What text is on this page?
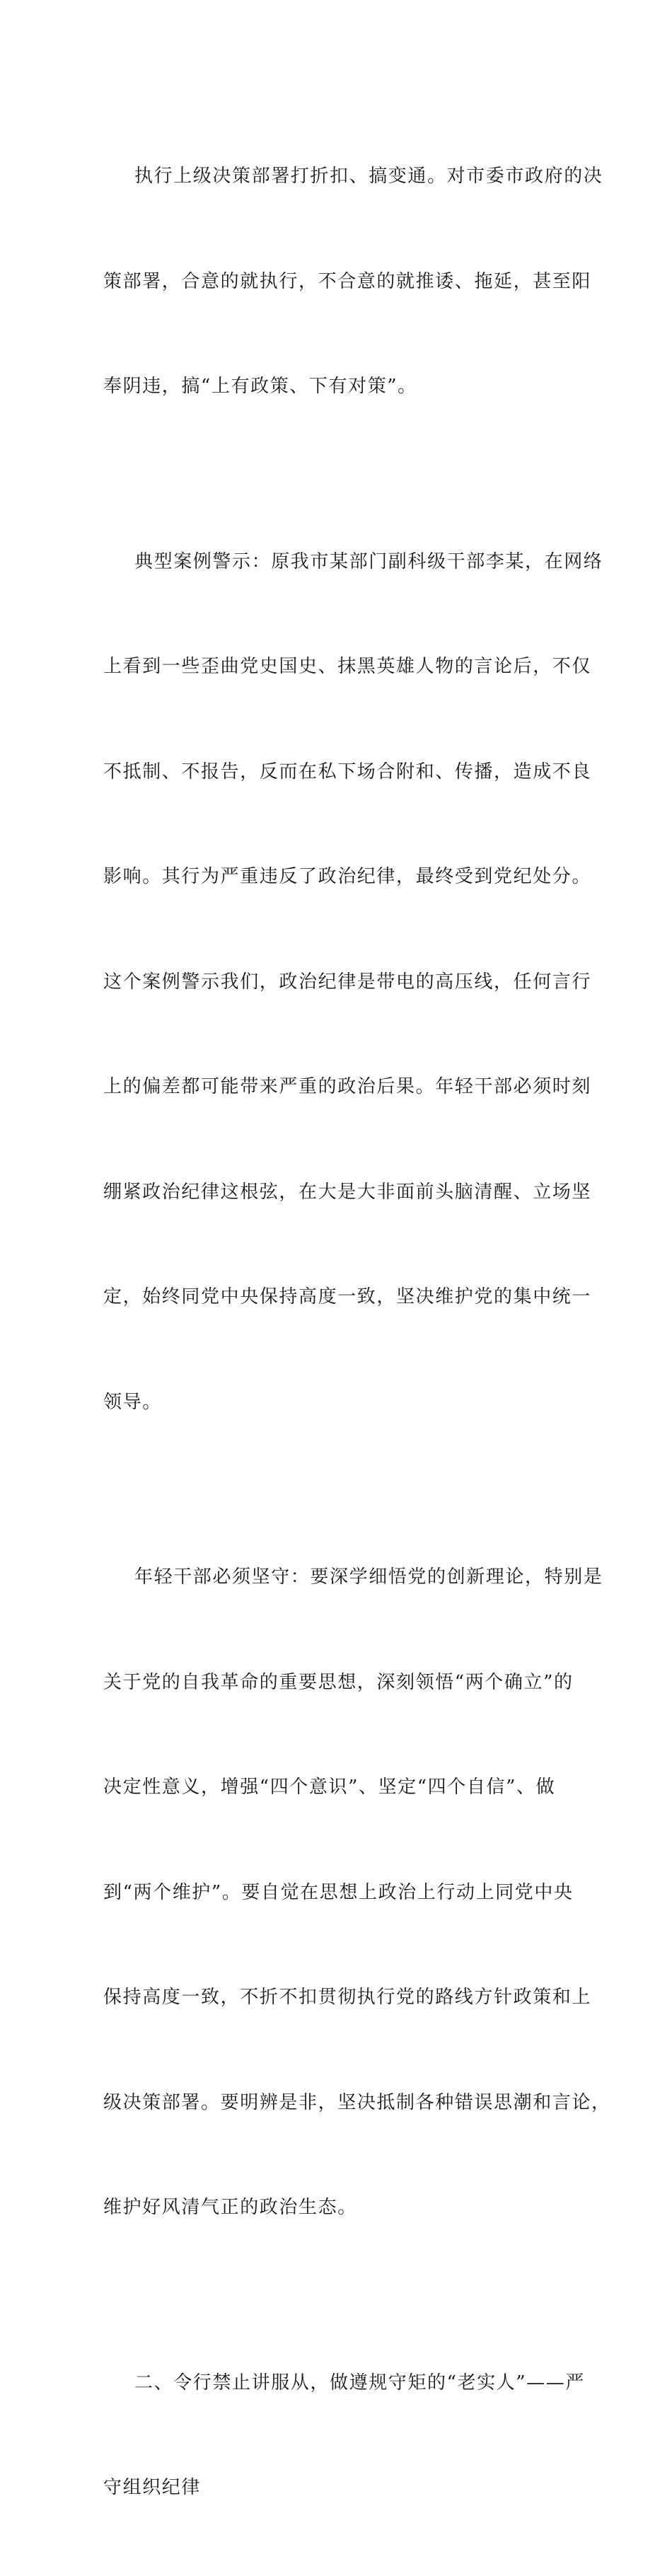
执行上级决策部署打折扣、搞变通。对市委市政府的决

策部署，合意的就执行，不合意的就推诿、拖延，甚至阳

奉阴违，搞“上有政策、下有对策”。

典型案例警示：原我市某部门副科级干部李某，在网络

上看到一些歪曲党史国史、抹黑英雄人物的言论后，不仅

不抵制、不报告，反而在私下场合附和、传播，造成不良

影响。其行为严重违反了政治纪律，最终受到党纪处分。

这个案例警示我们，政治纪律是带电的高压线，任何言行

上的偏差都可能带来严重的政治后果。年轻干部必须时刻

绷紧政治纪律这根弦，在大是大非面前头脑清醒、立场坚

定，始终同党中央保持高度一致，坚决维护党的集中统一

领导。

年轻干部必须坚守：要深学细悟党的创新理论，特别是

关于党的自我革命的重要思想，深刻领悟“两个确立”的

决定性意义，增强“四个意识”、坚定“四个自信”、做

到“两个维护”。要自觉在思想上政治上行动上同党中央

保持高度一致，不折不扣贯彻执行党的路线方针政策和上

级决策部署。要明辨是非，坚决抵制各种错误思潮和言论，

维护好风清气正的政治生态。

二、令行禁止讲服从，做遵规守矩的“老实人”——严

守组织纪律
